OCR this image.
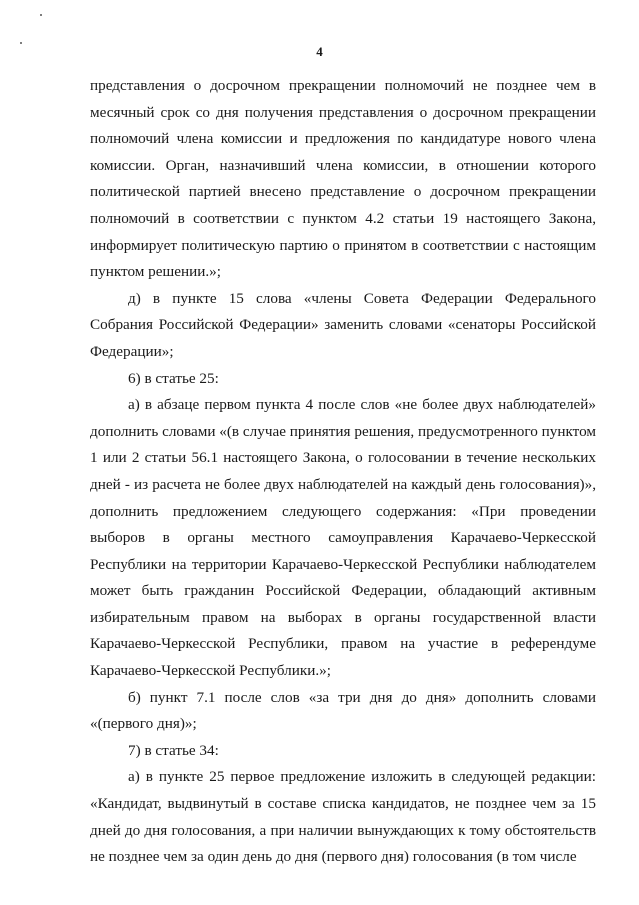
4

представления о досрочном прекращении полномочий не позднее чем в месячный срок со дня получения представления о досрочном прекращении полномочий члена комиссии и предложения по кандидатуре нового члена комиссии. Орган, назначивший члена комиссии, в отношении которого политической партией внесено представление о досрочном прекращении полномочий в соответствии с пунктом 4.2 статьи 19 настоящего Закона, информирует политическую партию о принятом в соответствии с настоящим пунктом решении.»;

д) в пункте 15 слова «члены Совета Федерации Федерального Собрания Российской Федерации» заменить словами «сенаторы Российской Федерации»;

6) в статье 25:

а) в абзаце первом пункта 4 после слов «не более двух наблюдателей» дополнить словами «(в случае принятия решения, предусмотренного пунктом 1 или 2 статьи 56.1 настоящего Закона, о голосовании в течение нескольких дней - из расчета не более двух наблюдателей на каждый день голосования)», дополнить предложением следующего содержания: «При проведении выборов в органы местного самоуправления Карачаево-Черкесской Республики на территории Карачаево-Черкесской Республики наблюдателем может быть гражданин Российской Федерации, обладающий активным избирательным правом на выборах в органы государственной власти Карачаево-Черкесской Республики, правом на участие в референдуме Карачаево-Черкесской Республики.»;

б) пункт 7.1 после слов «за три дня до дня» дополнить словами «(первого дня)»;

7) в статье 34:

а) в пункте 25 первое предложение изложить в следующей редакции: «Кандидат, выдвинутый в составе списка кандидатов, не позднее чем за 15 дней до дня голосования, а при наличии вынуждающих к тому обстоятельств не позднее чем за один день до дня (первого дня) голосования (в том числе
